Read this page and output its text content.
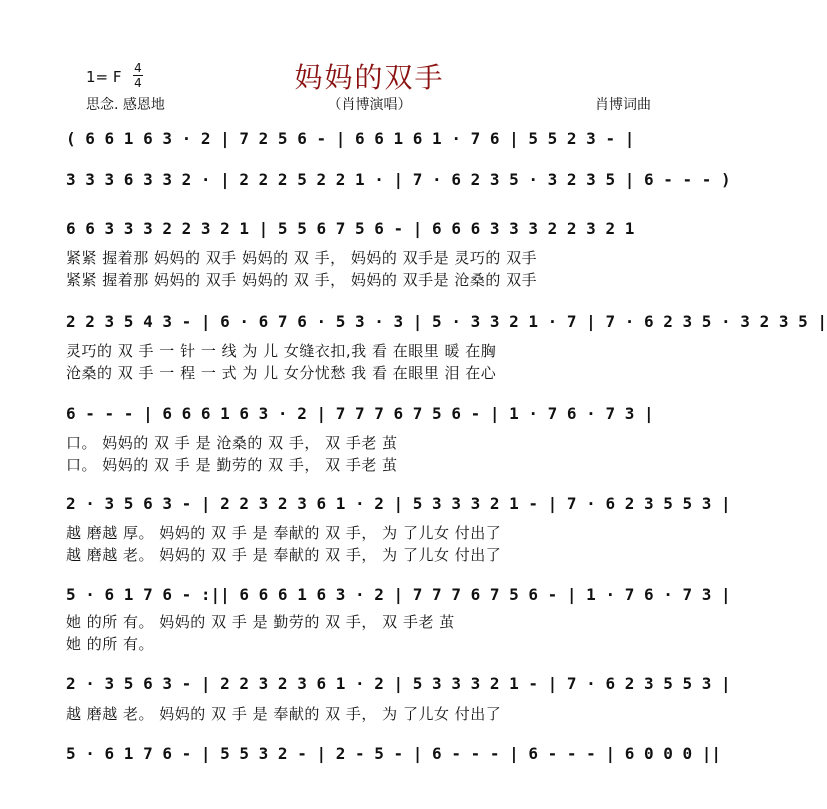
妈妈的双手
1= F 4
4
思念. 感恩地	（肖博演唱）	肖博词曲
( 6 6 1 6 3 · 2 | 7 2 5 6 - | 6 6 1 6 1 · 7 6 | 5 5 2 3 - |
3 3 3 6 3 3 2 · | 2 2 2 5 2 2 1 · | 7 · 6 2 3 5 · 3 2 3 5 | 6 - - - )
6 6 3 3 3 2 2 3 2 1 | 5 5 6 7 5 6 - | 6 6 6 3 3 3 2 2 3 2 1
紧紧 握着那 妈妈的 双手 妈妈的 双 手， 妈妈的 双手是 灵巧的 双手
紧紧 握着那 妈妈的 双手 妈妈的 双 手， 妈妈的 双手是 沧桑的 双手
2 2 3 5 4 3 - | 6 · 6 7 6 · 5 3 · 3 | 5 · 3 3 2 1 · 7 | 7 · 6 2 3 5 · 3 2 3 5 |
灵巧的 双 手 一 针 一 线 为 儿 女缝衣扣,我 看 在眼里 暖 在胸
沧桑的 双 手 一 程 一 式 为 儿 女分忧愁 我 看 在眼里 泪 在心
6 - - - | 6 6 6 1 6 3 · 2 | 7 7 7 6 7 5 6 - | 1 · 7 6 · 7 3 |
口。 妈妈的 双 手 是 沧桑的 双 手， 双 手老 茧
口。 妈妈的 双 手 是 勤劳的 双 手， 双 手老 茧
2 · 3 5 6 3 - | 2 2 3 2 3 6 1 · 2 | 5 3 3 3 2 1 - | 7 · 6 2 3 5 5 3 |
越 磨越 厚。 妈妈的 双 手 是 奉献的 双 手， 为 了儿女 付出了
越 磨越 老。 妈妈的 双 手 是 奉献的 双 手， 为 了儿女 付出了
5 · 6 1 7 6 - :|| 6 6 6 1 6 3 · 2 | 7 7 7 6 7 5 6 - | 1 · 7 6 · 7 3 |
她 的所 有。 妈妈的 双 手 是 勤劳的 双 手， 双 手老 茧
她 的所 有。
2 · 3 5 6 3 - | 2 2 3 2 3 6 1 · 2 | 5 3 3 3 2 1 - | 7 · 6 2 3 5 5 3 |
越 磨越 老。 妈妈的 双 手 是 奉献的 双 手， 为 了儿女 付出了
5 · 6 1 7 6 - | 5 5 3 2 - | 2 - 5 - | 6 - - - | 6 - - - | 6 0 0 0 ||
